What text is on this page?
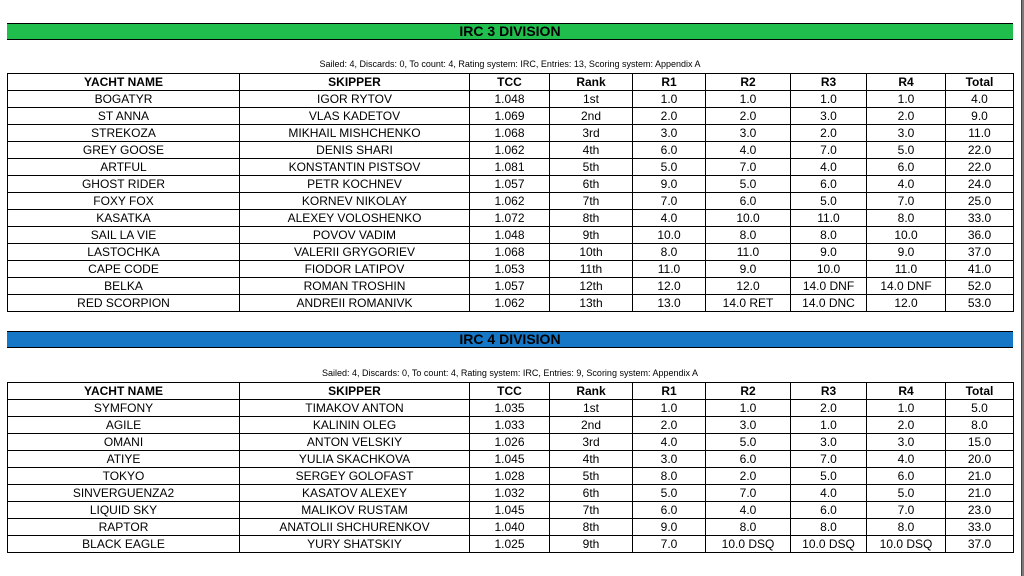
IRC 3 DIVISION
Sailed: 4, Discards: 0, To count: 4, Rating system: IRC, Entries: 13, Scoring system: Appendix A
YACHT NAME	SKIPPER	TCC	Rank	R1	R2	R3	R4	Total
BOGATYR	IGOR RYTOV	1.048	1st	1.0	1.0	1.0	1.0	4.0
ST ANNA	VLAS KADETOV	1.069	2nd	2.0	2.0	3.0	2.0	9.0
STREKOZA	MIKHAIL MISHCHENKO	1.068	3rd	3.0	3.0	2.0	3.0	11.0
GREY GOOSE	DENIS SHARI	1.062	4th	6.0	4.0	7.0	5.0	22.0
ARTFUL	KONSTANTIN PISTSOV	1.081	5th	5.0	7.0	4.0	6.0	22.0
GHOST RIDER	PETR KOCHNEV	1.057	6th	9.0	5.0	6.0	4.0	24.0
FOXY FOX	KORNEV NIKOLAY	1.062	7th	7.0	6.0	5.0	7.0	25.0
KASATKA	ALEXEY VOLOSHENKO	1.072	8th	4.0	10.0	11.0	8.0	33.0
SAIL LA VIE	POVOV VADIM	1.048	9th	10.0	8.0	8.0	10.0	36.0
LASTOCHKA	VALERII GRYGORIEV	1.068	10th	8.0	11.0	9.0	9.0	37.0
CAPE CODE	FIODOR LATIPOV	1.053	11th	11.0	9.0	10.0	11.0	41.0
BELKA	ROMAN TROSHIN	1.057	12th	12.0	12.0	14.0 DNF	14.0 DNF	52.0
RED SCORPION	ANDREII ROMANIVK	1.062	13th	13.0	14.0 RET	14.0 DNC	12.0	53.0
IRC 4 DIVISION
Sailed: 4, Discards: 0, To count: 4, Rating system: IRC, Entries: 9, Scoring system: Appendix A
YACHT NAME	SKIPPER	TCC	Rank	R1	R2	R3	R4	Total
SYMFONY	TIMAKOV ANTON	1.035	1st	1.0	1.0	2.0	1.0	5.0
AGILE	KALININ OLEG	1.033	2nd	2.0	3.0	1.0	2.0	8.0
OMANI	ANTON VELSKIY	1.026	3rd	4.0	5.0	3.0	3.0	15.0
ATIYE	YULIA SKACHKOVA	1.045	4th	3.0	6.0	7.0	4.0	20.0
TOKYO	SERGEY GOLOFAST	1.028	5th	8.0	2.0	5.0	6.0	21.0
SINVERGUENZA2	KASATOV ALEXEY	1.032	6th	5.0	7.0	4.0	5.0	21.0
LIQUID SKY	MALIKOV RUSTAM	1.045	7th	6.0	4.0	6.0	7.0	23.0
RAPTOR	ANATOLII SHCHURENKOV	1.040	8th	9.0	8.0	8.0	8.0	33.0
BLACK EAGLE	YURY SHATSKIY	1.025	9th	7.0	10.0 DSQ	10.0 DSQ	10.0 DSQ	37.0
